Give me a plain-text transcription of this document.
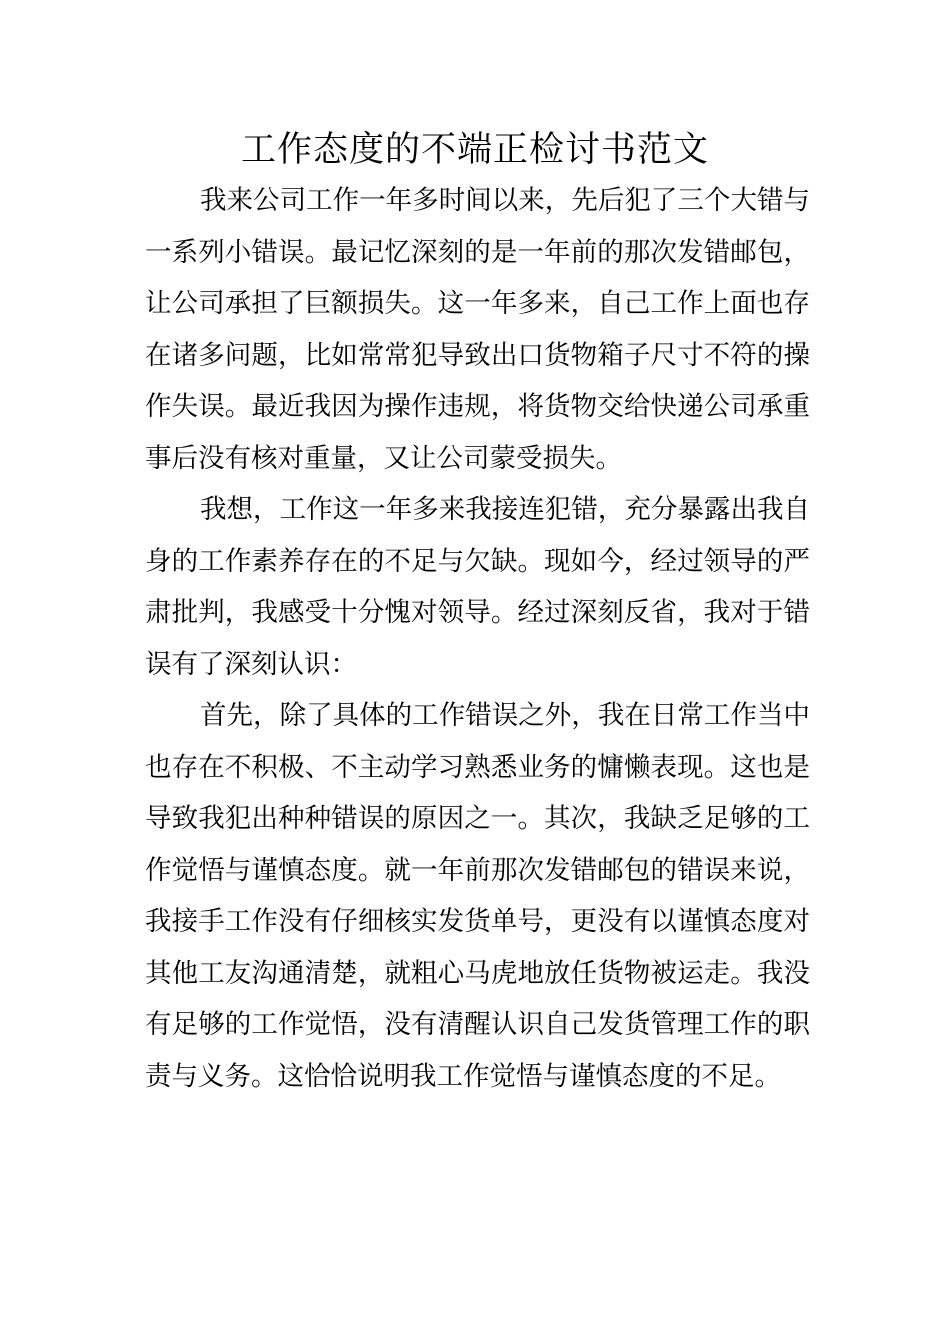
工作态度的不端正检讨书范文

我来公司工作一年多时间以来，先后犯了三个大错与一系列小错误。最记忆深刻的是一年前的那次发错邮包，让公司承担了巨额损失。这一年多来，自己工作上面也存在诸多问题，比如常常犯导致出口货物箱子尺寸不符的操作失误。最近我因为操作违规，将货物交给快递公司承重事后没有核对重量，又让公司蒙受损失。

我想，工作这一年多来我接连犯错，充分暴露出我自身的工作素养存在的不足与欠缺。现如今，经过领导的严肃批判，我感受十分愧对领导。经过深刻反省，我对于错误有了深刻认识：

首先，除了具体的工作错误之外，我在日常工作当中也存在不积极、不主动学习熟悉业务的慵懒表现。这也是导致我犯出种种错误的原因之一。其次，我缺乏足够的工作觉悟与谨慎态度。就一年前那次发错邮包的错误来说，我接手工作没有仔细核实发货单号，更没有以谨慎态度对其他工友沟通清楚，就粗心马虎地放任货物被运走。我没有足够的工作觉悟，没有清醒认识自己发货管理工作的职责与义务。这恰恰说明我工作觉悟与谨慎态度的不足。
